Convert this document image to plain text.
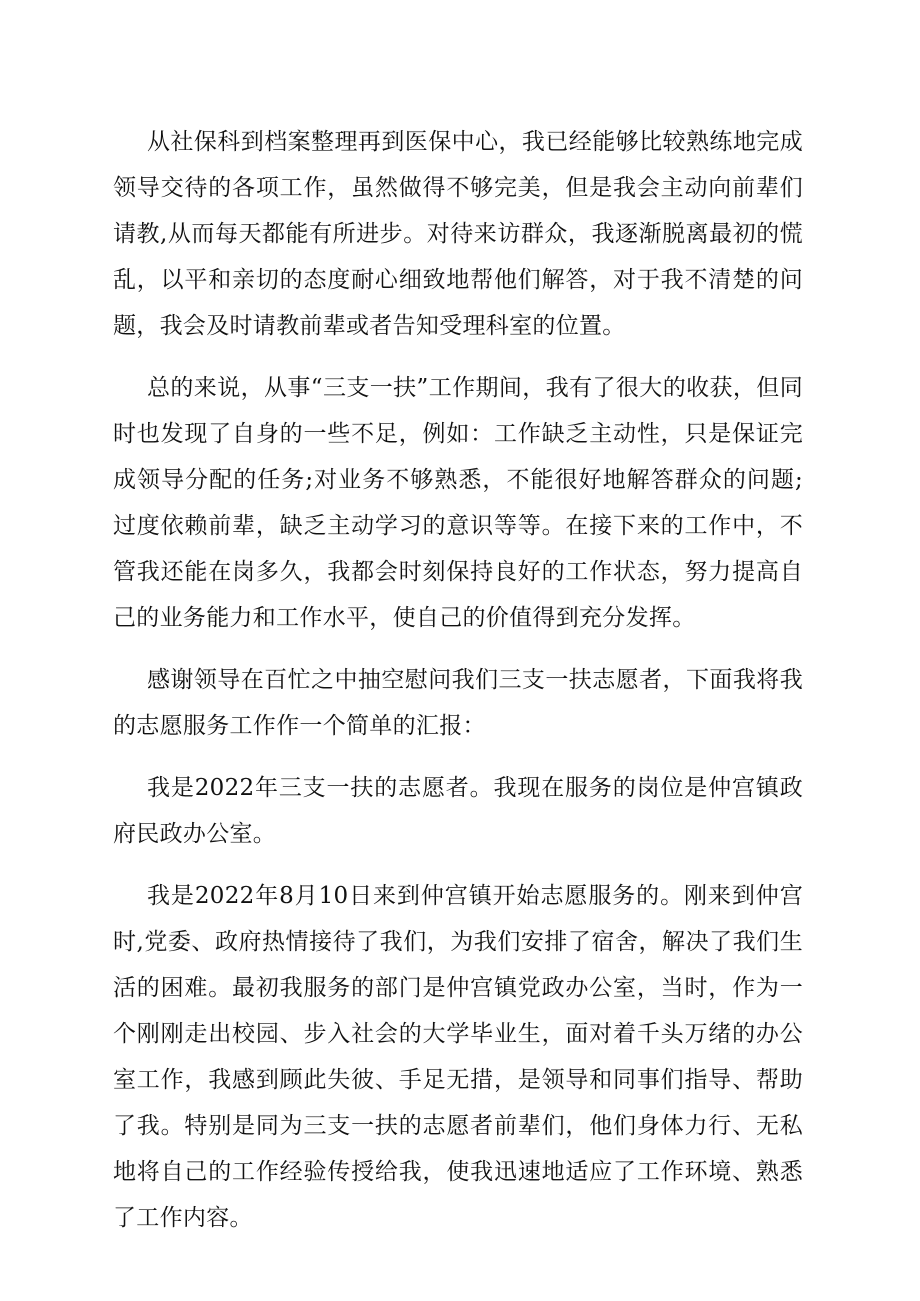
从社保科到档案整理再到医保中心，我已经能够比较熟练地完成领导交待的各项工作，虽然做得不够完美，但是我会主动向前辈们请教,从而每天都能有所进步。对待来访群众，我逐渐脱离最初的慌乱，以平和亲切的态度耐心细致地帮他们解答，对于我不清楚的问题，我会及时请教前辈或者告知受理科室的位置。

总的来说，从事“三支一扶”工作期间，我有了很大的收获，但同时也发现了自身的一些不足，例如：工作缺乏主动性，只是保证完成领导分配的任务;对业务不够熟悉，不能很好地解答群众的问题;过度依赖前辈，缺乏主动学习的意识等等。在接下来的工作中，不管我还能在岗多久，我都会时刻保持良好的工作状态，努力提高自己的业务能力和工作水平，使自己的价值得到充分发挥。

感谢领导在百忙之中抽空慰问我们三支一扶志愿者，下面我将我的志愿服务工作作一个简单的汇报：

我是2022年三支一扶的志愿者。我现在服务的岗位是仲宫镇政府民政办公室。

我是2022年8月10日来到仲宫镇开始志愿服务的。刚来到仲宫时,党委、政府热情接待了我们，为我们安排了宿舍，解决了我们生活的困难。最初我服务的部门是仲宫镇党政办公室，当时，作为一个刚刚走出校园、步入社会的大学毕业生，面对着千头万绪的办公室工作，我感到顾此失彼、手足无措，是领导和同事们指导、帮助了我。特别是同为三支一扶的志愿者前辈们，他们身体力行、无私地将自己的工作经验传授给我，使我迅速地适应了工作环境、熟悉了工作内容。
